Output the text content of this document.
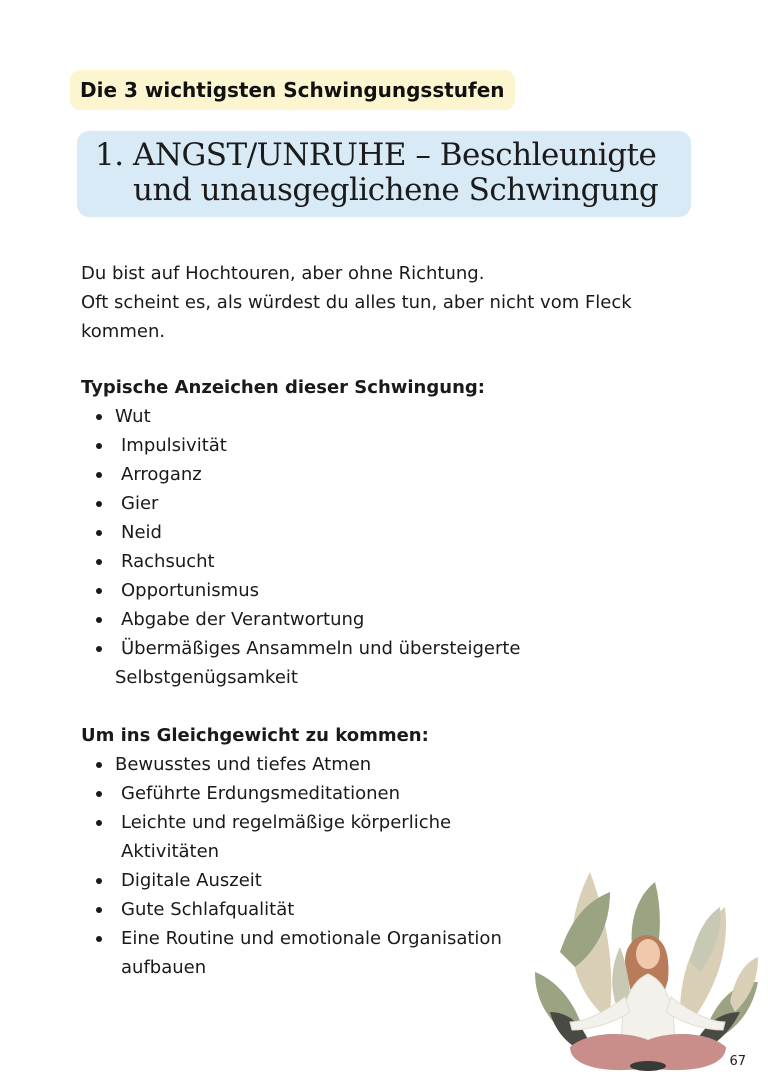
Die 3 wichtigsten Schwingungsstufen
1. ANGST/UNRUHE – Beschleunigte
und unausgeglichene Schwingung
Du bist auf Hochtouren, aber ohne Richtung.
Oft scheint es, als würdest du alles tun, aber nicht vom Fleck
kommen.
Typische Anzeichen dieser Schwingung:
Wut
Impulsivität
Arroganz
Gier
Neid
Rachsucht
Opportunismus
Abgabe der Verantwortung
Übermäßiges Ansammeln und übersteigerte
Selbstgenügsamkeit
Um ins Gleichgewicht zu kommen:
Bewusstes und tiefes Atmen
Geführte Erdungsmeditationen
Leichte und regelmäßige körperliche Aktivitäten
Digitale Auszeit
Gute Schlafqualität
Eine Routine und emotionale Organisation
aufbauen
67
